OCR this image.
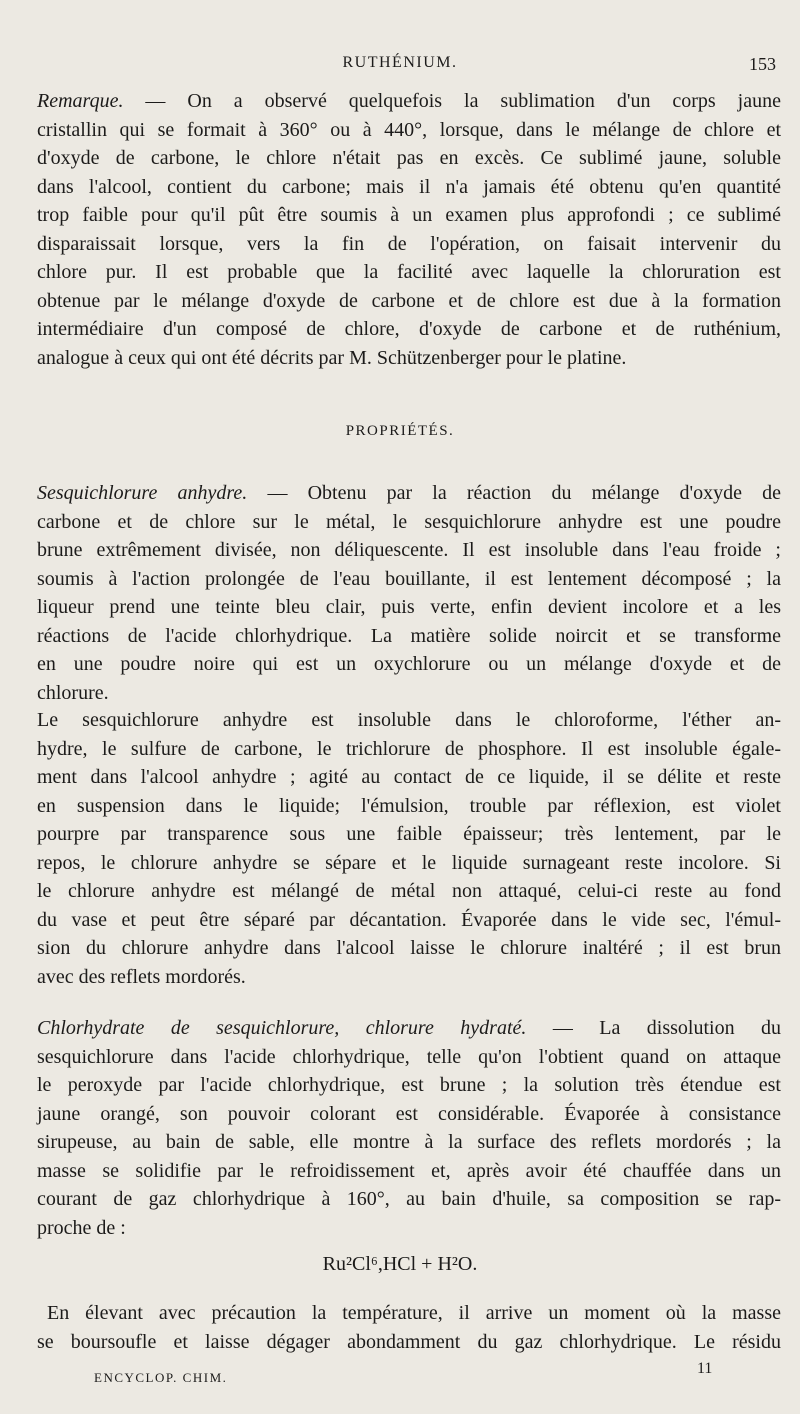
RUTHÉNIUM.	153
Remarque. — On a observé quelquefois la sublimation d'un corps jaune
cristallin qui se formait à 360° ou à 440°, lorsque, dans le mélange de chlore et
d'oxyde de carbone, le chlore n'était pas en excès. Ce sublimé jaune, soluble
dans l'alcool, contient du carbone; mais il n'a jamais été obtenu qu'en quantité
trop faible pour qu'il pût être soumis à un examen plus approfondi ; ce sublimé
disparaissait lorsque, vers la fin de l'opération, on faisait intervenir du
chlore pur. Il est probable que la facilité avec laquelle la chloruration est
obtenue par le mélange d'oxyde de carbone et de chlore est due à la formation
intermédiaire d'un composé de chlore, d'oxyde de carbone et de ruthénium,
analogue à ceux qui ont été décrits par M. Schützenberger pour le platine.
PROPRIÉTÉS.
Sesquichlorure anhydre. — Obtenu par la réaction du mélange d'oxyde de
carbone et de chlore sur le métal, le sesquichlorure anhydre est une poudre
brune extrêmement divisée, non déliquescente. Il est insoluble dans l'eau froide ;
soumis à l'action prolongée de l'eau bouillante, il est lentement décomposé ; la
liqueur prend une teinte bleu clair, puis verte, enfin devient incolore et a les
réactions de l'acide chlorhydrique. La matière solide noircit et se transforme
en une poudre noire qui est un oxychlorure ou un mélange d'oxyde et de
chlorure.
Le sesquichlorure anhydre est insoluble dans le chloroforme, l'éther an-
hydre, le sulfure de carbone, le trichlorure de phosphore. Il est insoluble égale-
ment dans l'alcool anhydre ; agité au contact de ce liquide, il se délite et reste
en suspension dans le liquide; l'émulsion, trouble par réflexion, est violet
pourpre par transparence sous une faible épaisseur; très lentement, par le
repos, le chlorure anhydre se sépare et le liquide surnageant reste incolore. Si
le chlorure anhydre est mélangé de métal non attaqué, celui-ci reste au fond
du vase et peut être séparé par décantation. Évaporée dans le vide sec, l'émul-
sion du chlorure anhydre dans l'alcool laisse le chlorure inaltéré ; il est brun
avec des reflets mordorés.
Chlorhydrate de sesquichlorure, chlorure hydraté. — La dissolution du
sesquichlorure dans l'acide chlorhydrique, telle qu'on l'obtient quand on attaque
le peroxyde par l'acide chlorhydrique, est brune ; la solution très étendue est
jaune orangé, son pouvoir colorant est considérable. Évaporée à consistance
sirupeuse, au bain de sable, elle montre à la surface des reflets mordorés ; la
masse se solidifie par le refroidissement et, après avoir été chauffée dans un
courant de gaz chlorhydrique à 160°, au bain d'huile, sa composition se rap-
proche de :
Ru²Cl⁶,HCl + H²O.
En élevant avec précaution la température, il arrive un moment où la masse
se boursoufle et laisse dégager abondamment du gaz chlorhydrique. Le résidu
ENCYCLOP. CHIM.
11
